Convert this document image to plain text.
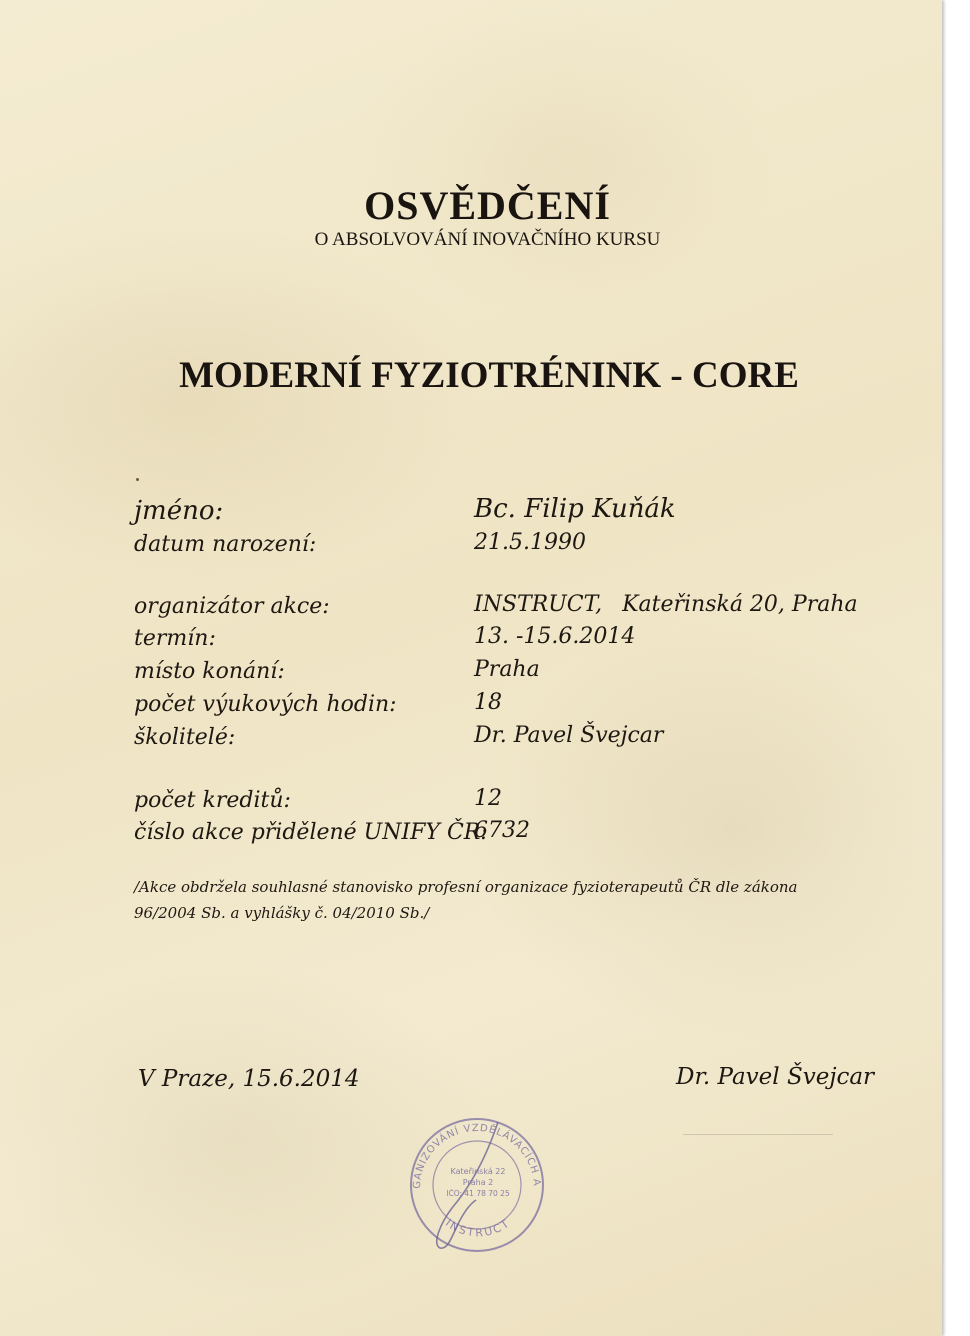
OSVĚDČENÍ
O ABSOLVOVÁNÍ INOVAČNÍHO KURSU
MODERNÍ FYZIOTRÉNINK - CORE
jméno:	Bc. Filip Kuňák
datum narození:	21.5.1990
organizátor akce:	INSTRUCT, Kateřinská 20, Praha
termín:	13. -15.6.2014
místo konání:	Praha
počet výukových hodin:	18
školitelé:	Dr. Pavel Švejcar
počet kreditů:	12
číslo akce přidělené UNIFY ČR:
6732
/Akce obdržela souhlasné stanovisko profesní organizace fyzioterapeutů ČR dle zákona 96/2004 Sb. a vyhlášky č. 04/2010 Sb./
V Praze, 15.6.2014	Dr. Pavel Švejcar
GANIZOVÁNÍ VZDĚLÁVACÍCH A
INSTRUCT
Kateřinská 22
Praha 2
IČO: 41 78 70 25
